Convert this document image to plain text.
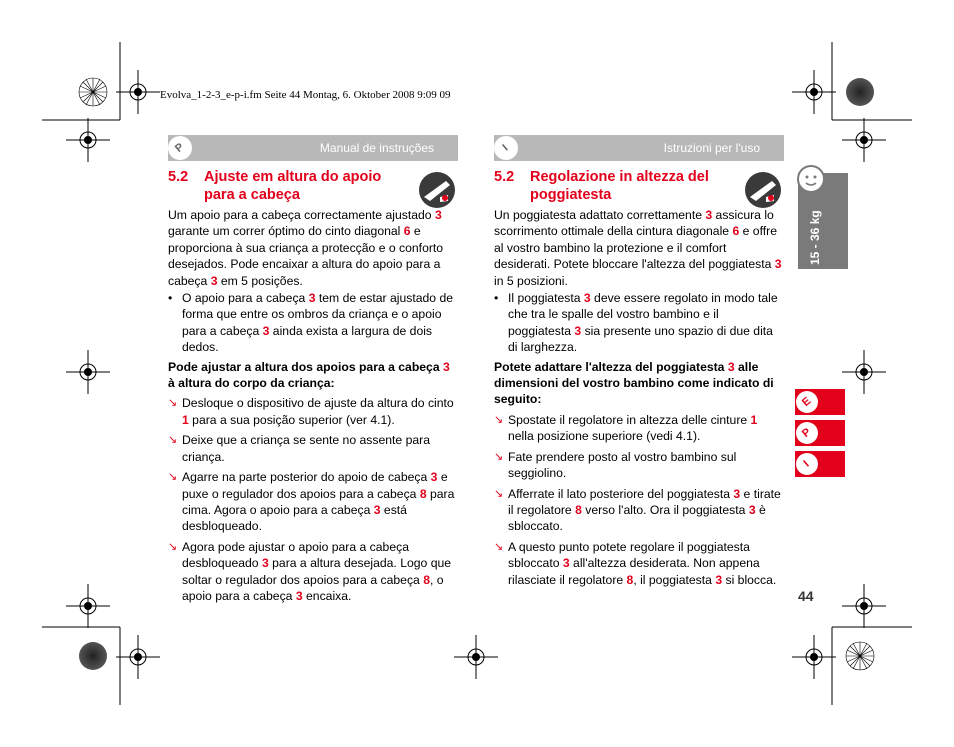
Evolva_1-2-3_e-p-i.fm Seite 44 Montag, 6. Oktober 2008 9:09 09
P	Manual de instruções
5.2 Ajuste em altura do apoio para a cabeça

Um apoio para a cabeça correctamente ajustado 3 garante um correr óptimo do cinto diagonal 6 e proporciona à sua criança a protecção e o conforto desejados. Pode encaixar a altura do apoio para a cabeça 3 em 5 posições.

• O apoio para a cabeça 3 tem de estar ajustado de forma que entre os ombros da criança e o apoio para a cabeça 3 ainda exista a largura de dois dedos.

Pode ajustar a altura dos apoios para a cabeça 3 à altura do corpo da criança:

↘ Desloque o dispositivo de ajuste da altura do cinto 1 para a sua posição superior (ver 4.1).
↘ Deixe que a criança se sente no assente para criança.
↘ Agarre na parte posterior do apoio de cabeça 3 e puxe o regulador dos apoios para a cabeça 8 para cima. Agora o apoio para a cabeça 3 está desbloqueado.
↘ Agora pode ajustar o apoio para a cabeça desbloqueado 3 para a altura desejada. Logo que soltar o regulador dos apoios para a cabeça 8, o apoio para a cabeça 3 encaixa.
I	Istruzioni per l'uso
5.2 Regolazione in altezza del poggiatesta

Un poggiatesta adattato correttamente 3 assicura lo scorrimento ottimale della cintura diagonale 6 e offre al vostro bambino la protezione e il comfort desiderati. Potete bloccare l'altezza del poggiatesta 3 in 5 posizioni.

• Il poggiatesta 3 deve essere regolato in modo tale che tra le spalle del vostro bambino e il poggiatesta 3 sia presente uno spazio di due dita di larghezza.

Potete adattare l'altezza del poggiatesta 3 alle dimensioni del vostro bambino come indicato di seguito:

↘ Spostate il regolatore in altezza delle cinture 1 nella posizione superiore (vedi 4.1).
↘ Fate prendere posto al vostro bambino sul seggiolino.
↘ Afferrate il lato posteriore del poggiatesta 3 e tirate il regolatore 8 verso l'alto. Ora il poggiatesta 3 è sbloccato.
↘ A questo punto potete regolare il poggiatesta sbloccato 3 all'altezza desiderata. Non appena rilasciate il regolatore 8, il poggiatesta 3 si blocca.
15 - 36 kg
E
P
I
44
